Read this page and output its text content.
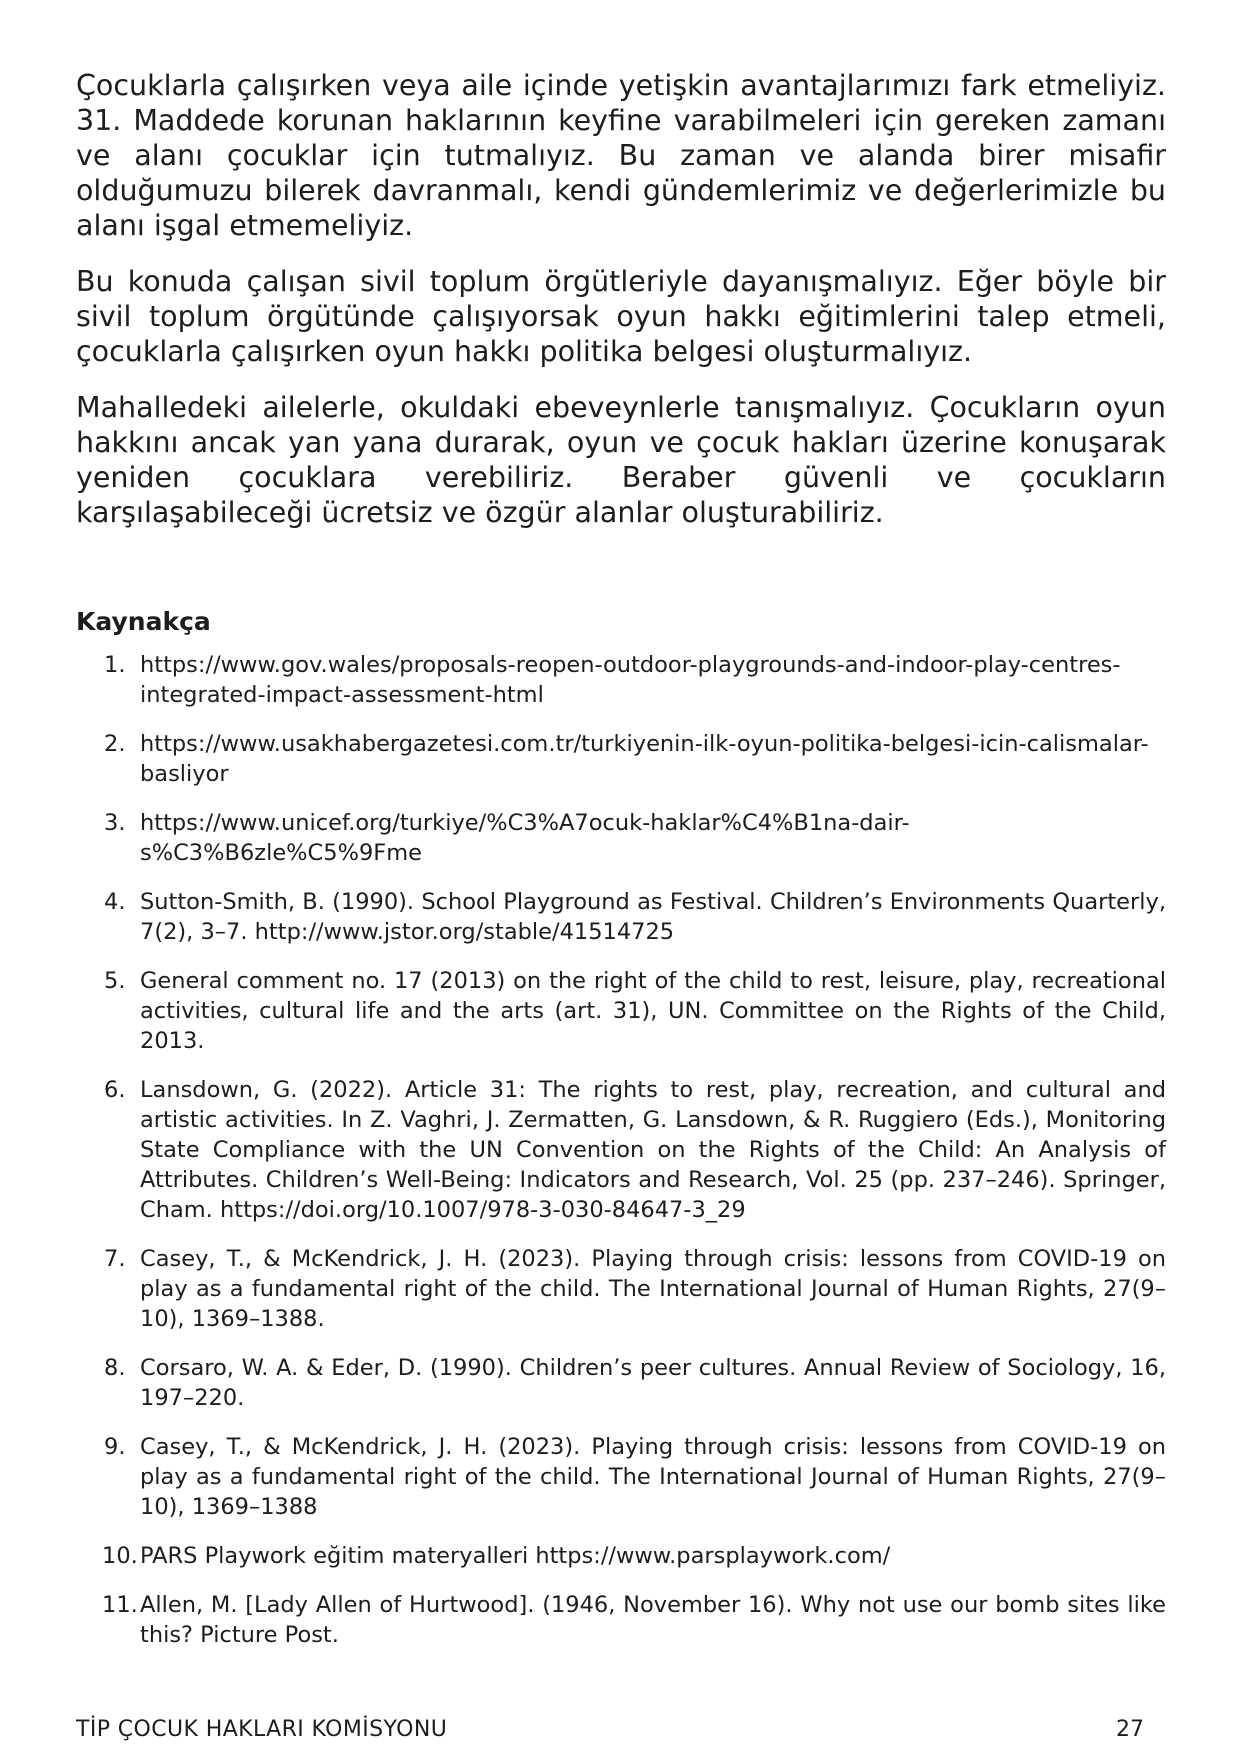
Çocuklarla çalışırken veya aile içinde yetişkin avantajlarımızı fark etmeliyiz. 31. Maddede korunan haklarının keyfine varabilmeleri için gereken zamanı ve alanı çocuklar için tutmalıyız. Bu zaman ve alanda birer misafir olduğumuzu bilerek davranmalı, kendi gündemlerimiz ve değerlerimizle bu alanı işgal etmemeliyiz.

Bu konuda çalışan sivil toplum örgütleriyle dayanışmalıyız. Eğer böyle bir sivil toplum örgütünde çalışıyorsak oyun hakkı eğitimlerini talep etmeli, çocuklarla çalışırken oyun hakkı politika belgesi oluşturmalıyız.

Mahalledeki ailelerle, okuldaki ebeveynlerle tanışmalıyız. Çocukların oyun hakkını ancak yan yana durarak, oyun ve çocuk hakları üzerine konuşarak yeniden çocuklara verebiliriz. Beraber güvenli ve çocukların karşılaşabileceği ücretsiz ve özgür alanlar oluşturabiliriz.

Kaynakça
1. https://www.gov.wales/proposals-reopen-outdoor-playgrounds-and-indoor-play-centres-integrated-impact-assessment-html
2. https://www.usakhabergazetesi.com.tr/turkiyenin-ilk-oyun-politika-belgesi-icin-calismalar-basliyor
3. https://www.unicef.org/turkiye/%C3%A7ocuk-haklar%C4%B1na-dair-s%C3%B6zle%C5%9Fme
4. Sutton-Smith, B. (1990). School Playground as Festival. Children’s Environments Quarterly, 7(2), 3–7. http://www.jstor.org/stable/41514725
5. General comment no. 17 (2013) on the right of the child to rest, leisure, play, recreational activities, cultural life and the arts (art. 31), UN. Committee on the Rights of the Child, 2013.
6. Lansdown, G. (2022). Article 31: The rights to rest, play, recreation, and cultural and artistic activities. In Z. Vaghri, J. Zermatten, G. Lansdown, & R. Ruggiero (Eds.), Monitoring State Compliance with the UN Convention on the Rights of the Child: An Analysis of Attributes. Children’s Well-Being: Indicators and Research, Vol. 25 (pp. 237–246). Springer, Cham. https://doi.org/10.1007/978-3-030-84647-3_29
7. Casey, T., & McKendrick, J. H. (2023). Playing through crisis: lessons from COVID-19 on play as a fundamental right of the child. The International Journal of Human Rights, 27(9–10), 1369–1388.
8. Corsaro, W. A. & Eder, D. (1990). Children’s peer cultures. Annual Review of Sociology, 16, 197–220.
9. Casey, T., & McKendrick, J. H. (2023). Playing through crisis: lessons from COVID-19 on play as a fundamental right of the child. The International Journal of Human Rights, 27(9–10), 1369–1388
10. PARS Playwork eğitim materyalleri https://www.parsplaywork.com/
11. Allen, M. [Lady Allen of Hurtwood]. (1946, November 16). Why not use our bomb sites like this? Picture Post.
TİP ÇOCUK HAKLARI KOMİSYONU	27
